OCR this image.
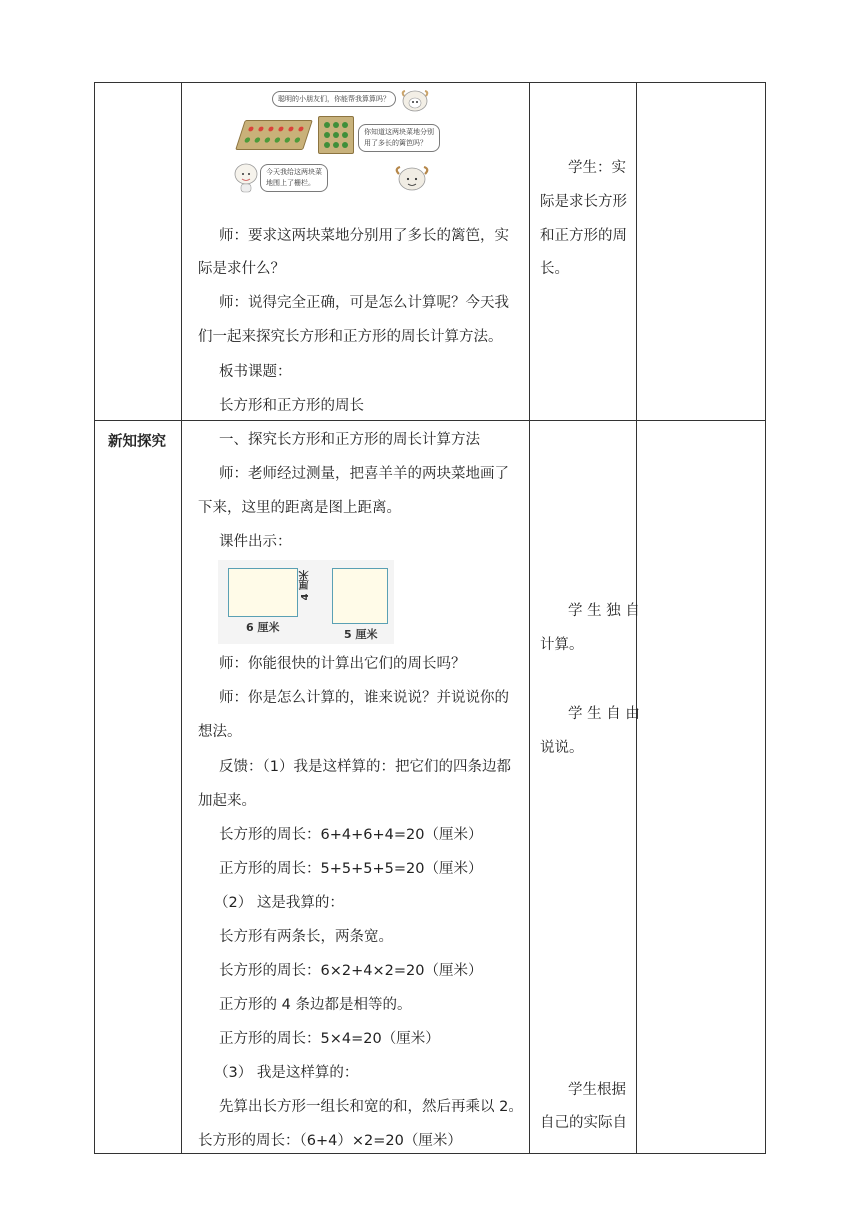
聪明的小朋友们，你能帮我算算吗？
你知道这两块菜地分别
用了多长的篱笆吗？
今天我给这两块菜
地围上了栅栏。
师：要求这两块菜地分别用了多长的篱笆，实
际是求什么？
师：说得完全正确，可是怎么计算呢？今天我
们一起来探究长方形和正方形的周长计算方法。
板书课题：
长方形和正方形的周长
学生：实
际是求长方形
和正方形的周
长。
新知探究	一、探究长方形和正方形的周长计算方法
师：老师经过测量，把喜羊羊的两块菜地画了
下来，这里的距离是图上距离。
课件出示：
6 厘米
4 厘米
5 厘米
师：你能很快的计算出它们的周长吗？
师：你是怎么计算的，谁来说说？并说说你的
想法。
反馈：（1）我是这样算的：把它们的四条边都
加起来。
长方形的周长：6+4+6+4=20（厘米）
正方形的周长：5+5+5+5=20（厘米）
（2） 这是我算的：
长方形有两条长，两条宽。
长方形的周长：6×2+4×2=20（厘米）
正方形的 4 条边都是相等的。
正方形的周长：5×4=20（厘米）
（3） 我是这样算的：
先算出长方形一组长和宽的和，然后再乘以 2。
长方形的周长：（6+4）×2=20（厘米）
学 生 独 自
计算。
学 生 自 由
说说。
学生根据
自己的实际自
